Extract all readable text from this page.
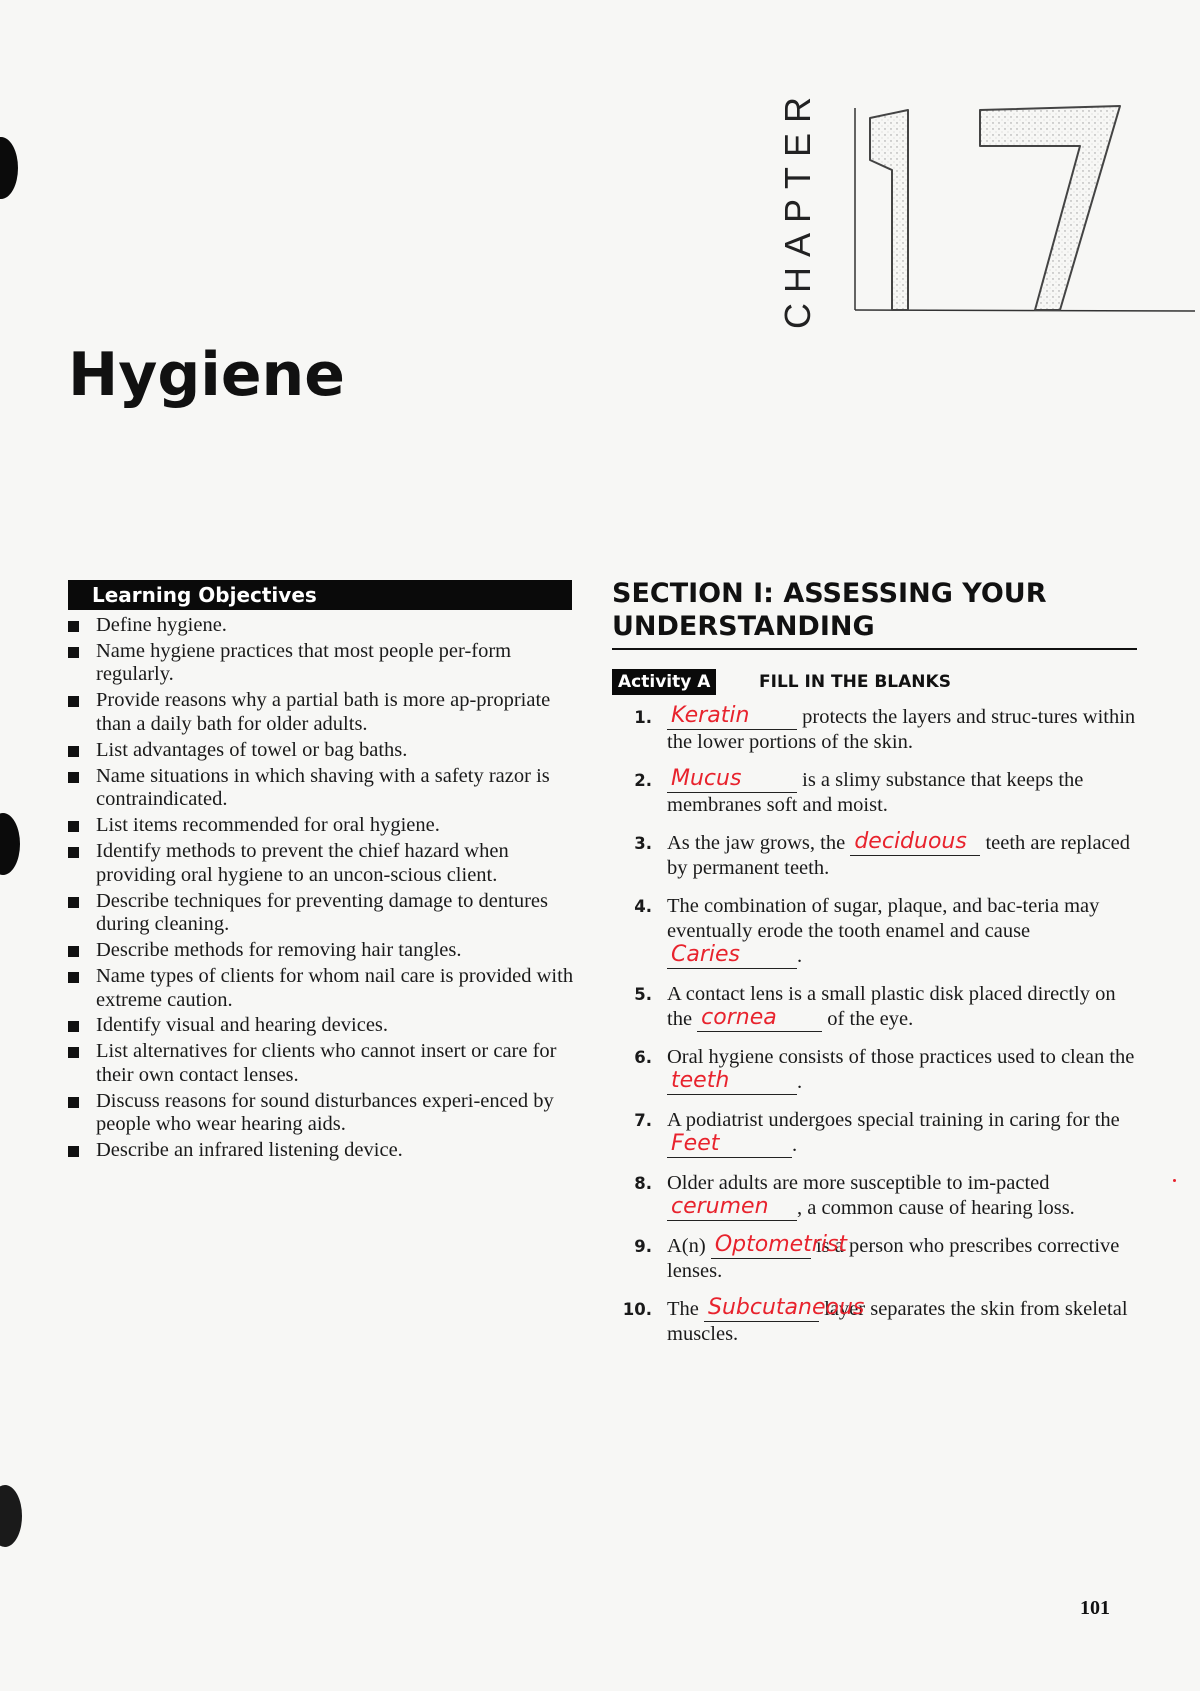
CHAPTER	17
Hygiene
Learning Objectives
Define hygiene.
Name hygiene practices that most people per-form regularly.
Provide reasons why a partial bath is more ap-propriate than a daily bath for older adults.
List advantages of towel or bag baths.
Name situations in which shaving with a safety razor is contraindicated.
List items recommended for oral hygiene.
Identify methods to prevent the chief hazard when providing oral hygiene to an uncon-scious client.
Describe techniques for preventing damage to dentures during cleaning.
Describe methods for removing hair tangles.
Name types of clients for whom nail care is provided with extreme caution.
Identify visual and hearing devices.
List alternatives for clients who cannot insert or care for their own contact lenses.
Discuss reasons for sound disturbances experi-enced by people who wear hearing aids.
Describe an infrared listening device.
SECTION I: ASSESSING YOUR UNDERSTANDING
Activity A	FILL IN THE BLANKS
1. Keratin protects the layers and struc-tures within the lower portions of the skin.
2. Mucus	is a slimy substance that keeps the membranes soft and moist.
3. As the jaw grows, the deciduous teeth are replaced by permanent teeth.
4. The combination of sugar, plaque, and bac-teria may eventually erode the tooth enamel and cause Caries	.
5. A contact lens is a small plastic disk placed directly on the cornea of the eye.
6. Oral hygiene consists of those practices used to clean the teeth	.
7. A podiatrist undergoes special training in caring for the Feet	.
8. Older adults are more susceptible to im-pacted cerumen , a common cause of hearing loss.
9. A(n) Optometrist is a person who prescribes corrective lenses.
10. The Subcutaneous layer separates the skin from skeletal muscles.
101
